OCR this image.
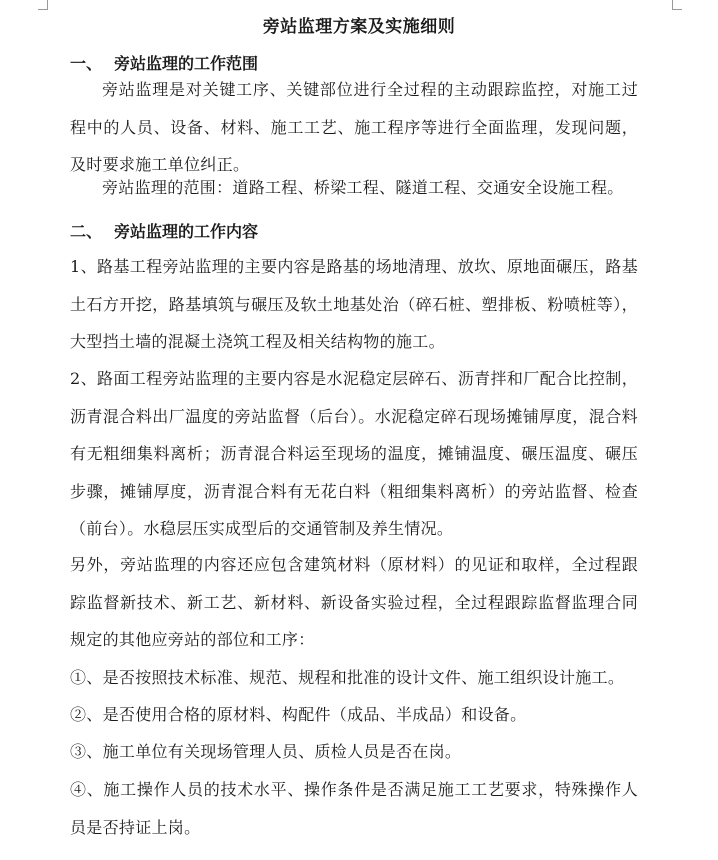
旁站监理方案及实施细则
一、 旁站监理的工作范围
旁站监理是对关键工序、关键部位进行全过程的主动跟踪监控，对施工过程中的人员、设备、材料、施工工艺、施工程序等进行全面监理，发现问题，及时要求施工单位纠正。
旁站监理的范围：道路工程、桥梁工程、隧道工程、交通安全设施工程。
二、 旁站监理的工作内容
1、路基工程旁站监理的主要内容是路基的场地清理、放坎、原地面碾压，路基土石方开挖，路基填筑与碾压及软土地基处治（碎石桩、塑排板、粉喷桩等），大型挡土墙的混凝土浇筑工程及相关结构物的施工。
2、路面工程旁站监理的主要内容是水泥稳定层碎石、沥青拌和厂配合比控制，沥青混合料出厂温度的旁站监督（后台）。水泥稳定碎石现场摊铺厚度，混合料有无粗细集料离析；沥青混合料运至现场的温度，摊铺温度、碾压温度、碾压步骤，摊铺厚度，沥青混合料有无花白料（粗细集料离析）的旁站监督、检查（前台）。水稳层压实成型后的交通管制及养生情况。
另外，旁站监理的内容还应包含建筑材料（原材料）的见证和取样，全过程跟踪监督新技术、新工艺、新材料、新设备实验过程，全过程跟踪监督监理合同规定的其他应旁站的部位和工序：
①、是否按照技术标准、规范、规程和批准的设计文件、施工组织设计施工。
②、是否使用合格的原材料、构配件（成品、半成品）和设备。
③、施工单位有关现场管理人员、质检人员是否在岗。
④、施工操作人员的技术水平、操作条件是否满足施工工艺要求，特殊操作人员是否持证上岗。
